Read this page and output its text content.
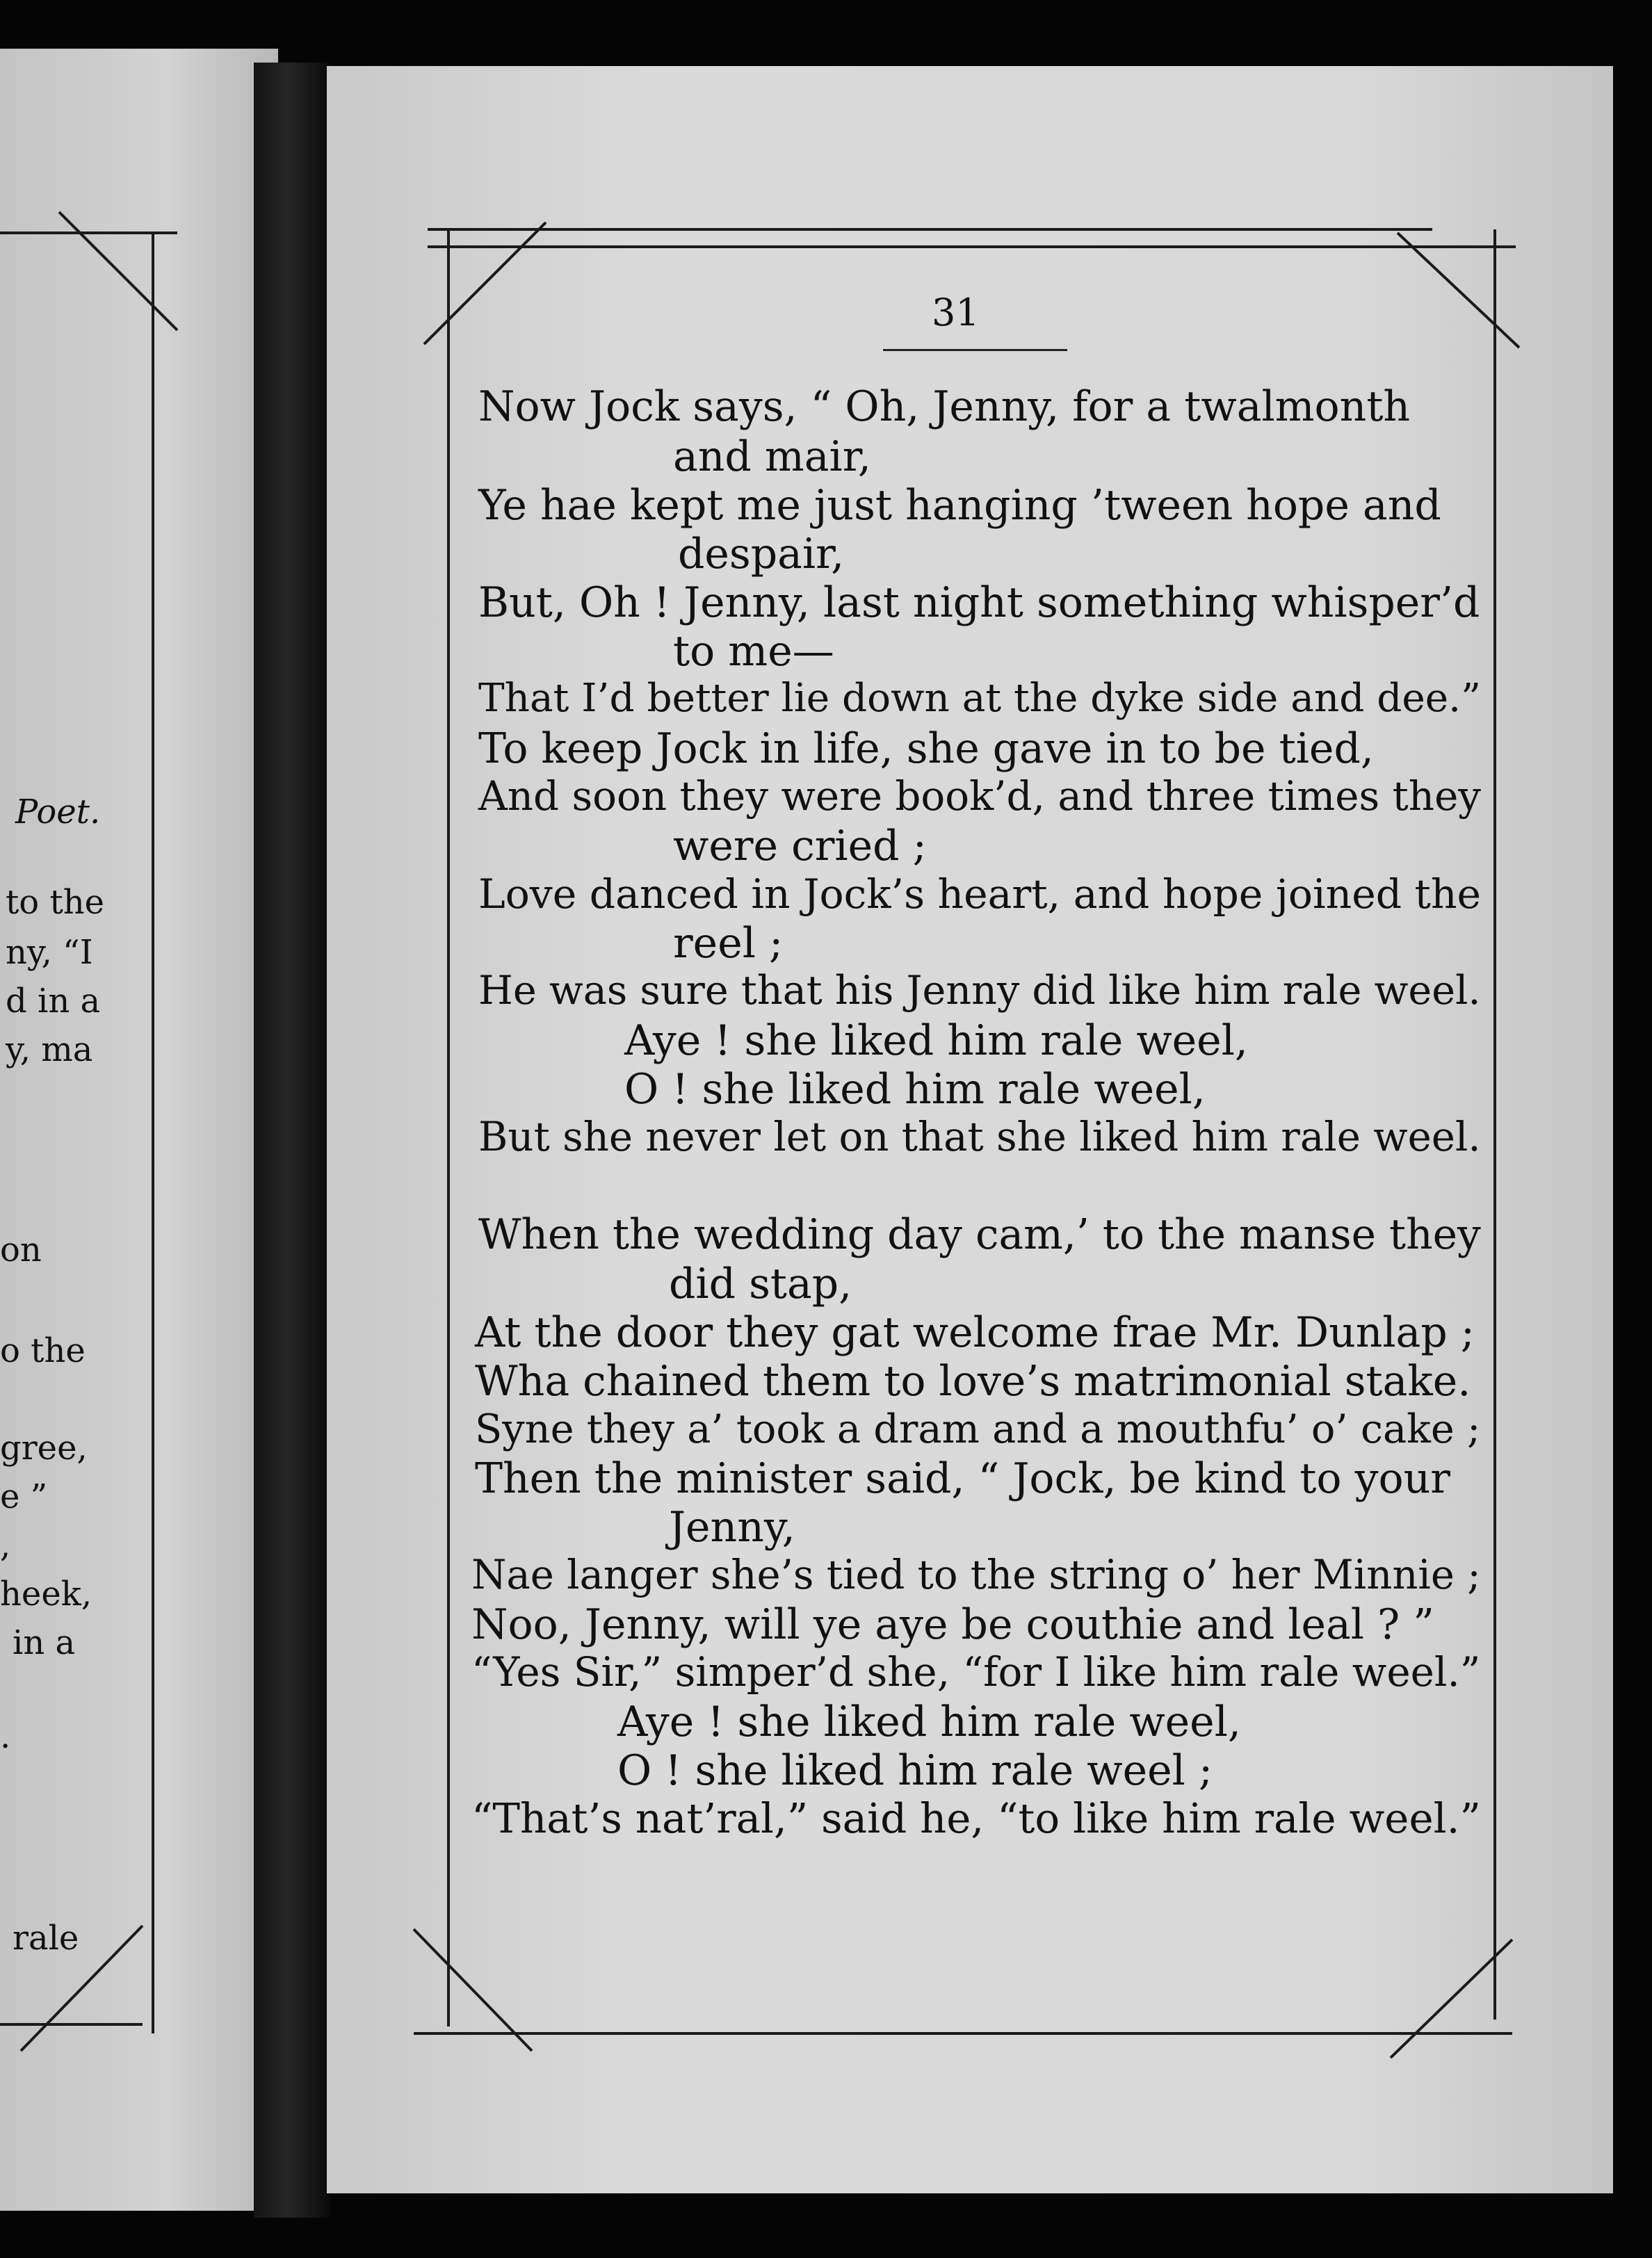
Poet.
to the
ny, “I
d in a
y, ma
on
o the
gree,
e ”
,
heek,
in a
.
rale
31
Now Jock says, “ Oh, Jenny, for a twalmonth
and mair,
Ye hae kept me just hanging ’tween hope and
despair,
But, Oh ! Jenny, last night something whisper’d
to me—
That I’d better lie down at the dyke side and dee.”
To keep Jock in life, she gave in to be tied,
And soon they were book’d, and three times they
were cried ;
Love danced in Jock’s heart, and hope joined the
reel ;
He was sure that his Jenny did like him rale weel.
Aye ! she liked him rale weel,
O ! she liked him rale weel,
But she never let on that she liked him rale weel.
When the wedding day cam,’ to the manse they
did stap,
At the door they gat welcome frae Mr. Dunlap ;
Wha chained them to love’s matrimonial stake.
Syne they a’ took a dram and a mouthfu’ o’ cake ;
Then the minister said, “ Jock, be kind to your
Jenny,
Nae langer she’s tied to the string o’ her Minnie ;
Noo, Jenny, will ye aye be couthie and leal ? ”
“Yes Sir,” simper’d she, “for I like him rale weel.”
Aye ! she liked him rale weel,
O ! she liked him rale weel ;
“That’s nat’ral,” said he, “to like him rale weel.”
